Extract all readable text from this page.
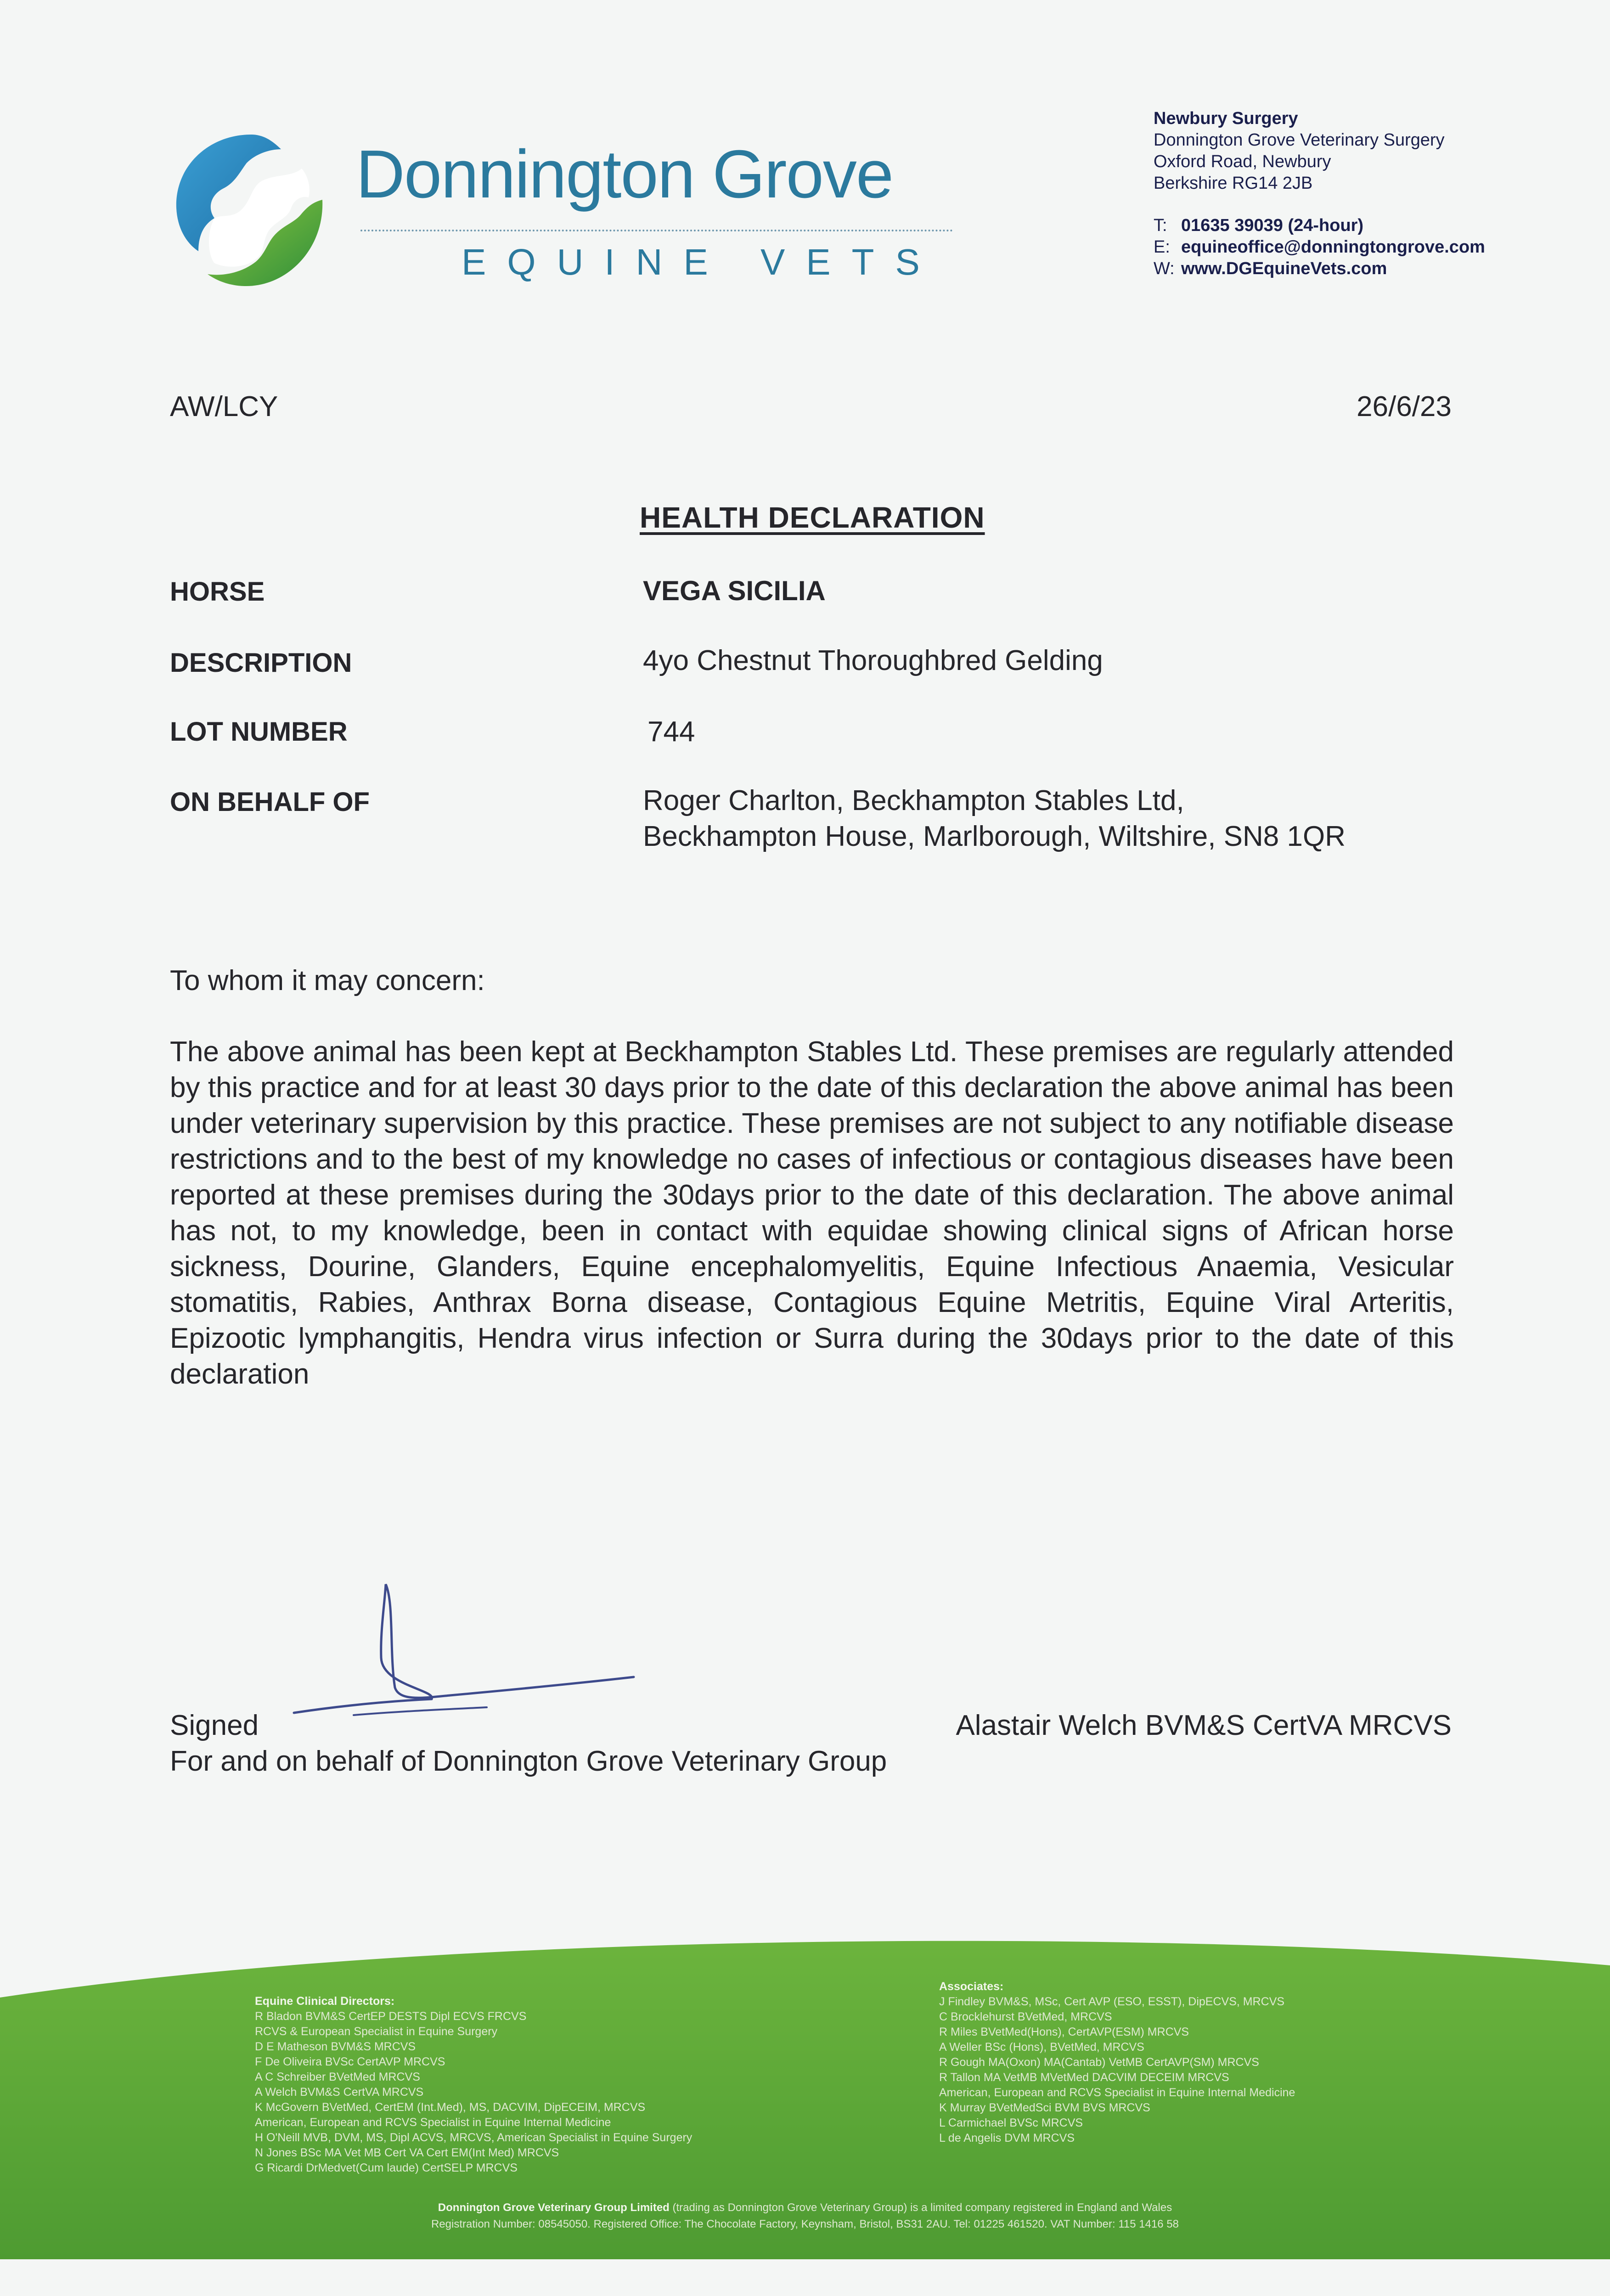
Donnington Grove
EQUINE VETS
Newbury Surgery
Donnington Grove Veterinary Surgery
Oxford Road, Newbury
Berkshire RG14 2JB
T: 01635 39039 (24-hour)
E: equineoffice@donningtongrove.com
W: www.DGEquineVets.com
AW/LCY	26/6/23
HEALTH DECLARATION
HORSE	VEGA SICILIA
DESCRIPTION	4yo Chestnut Thoroughbred Gelding
LOT NUMBER	744
ON BEHALF OF	Roger Charlton, Beckhampton Stables Ltd,
Beckhampton House, Marlborough, Wiltshire, SN8 1QR
To whom it may concern:
The above animal has been kept at Beckhampton Stables Ltd. These premises are regularly attended by this practice and for at least 30 days prior to the date of this declaration the above animal has been under veterinary supervision by this practice. These premises are not subject to any notifiable disease restrictions and to the best of my knowledge no cases of infectious or contagious diseases have been reported at these premises during the 30days prior to the date of this declaration. The above animal has not, to my knowledge, been in contact with equidae showing clinical signs of African horse sickness, Dourine, Glanders, Equine encephalomyelitis, Equine Infectious Anaemia, Vesicular stomatitis, Rabies, Anthrax Borna disease, Contagious Equine Metritis, Equine Viral Arteritis, Epizootic lymphangitis, Hendra virus infection or Surra during the 30days prior to the date of this declaration
Signed	Alastair Welch BVM&S CertVA MRCVS
For and on behalf of Donnington Grove Veterinary Group
Equine Clinical Directors:
R Bladon BVM&S CertEP DESTS Dipl ECVS FRCVS
RCVS & European Specialist in Equine Surgery
D E Matheson BVM&S MRCVS
F De Oliveira BVSc CertAVP MRCVS
A C Schreiber BVetMed MRCVS
A Welch BVM&S CertVA MRCVS
K McGovern BVetMed, CertEM (Int.Med), MS, DACVIM, DipECEIM, MRCVS
American, European and RCVS Specialist in Equine Internal Medicine
H O'Neill MVB, DVM, MS, Dipl ACVS, MRCVS, American Specialist in Equine Surgery
N Jones BSc MA Vet MB Cert VA Cert EM(Int Med) MRCVS
G Ricardi DrMedvet(Cum laude) CertSELP MRCVS
Associates:
J Findley BVM&S, MSc, Cert AVP (ESO, ESST), DipECVS, MRCVS
C Brocklehurst BVetMed, MRCVS
R Miles BVetMed(Hons), CertAVP(ESM) MRCVS
A Weller BSc (Hons), BVetMed, MRCVS
R Gough MA(Oxon) MA(Cantab) VetMB CertAVP(SM) MRCVS
R Tallon MA VetMB MVetMed DACVIM DECEIM MRCVS
American, European and RCVS Specialist in Equine Internal Medicine
K Murray BVetMedSci BVM BVS MRCVS
L Carmichael BVSc MRCVS
L de Angelis DVM MRCVS
Donnington Grove Veterinary Group Limited (trading as Donnington Grove Veterinary Group) is a limited company registered in England and Wales
Registration Number: 08545050. Registered Office: The Chocolate Factory, Keynsham, Bristol, BS31 2AU. Tel: 01225 461520. VAT Number: 115 1416 58
